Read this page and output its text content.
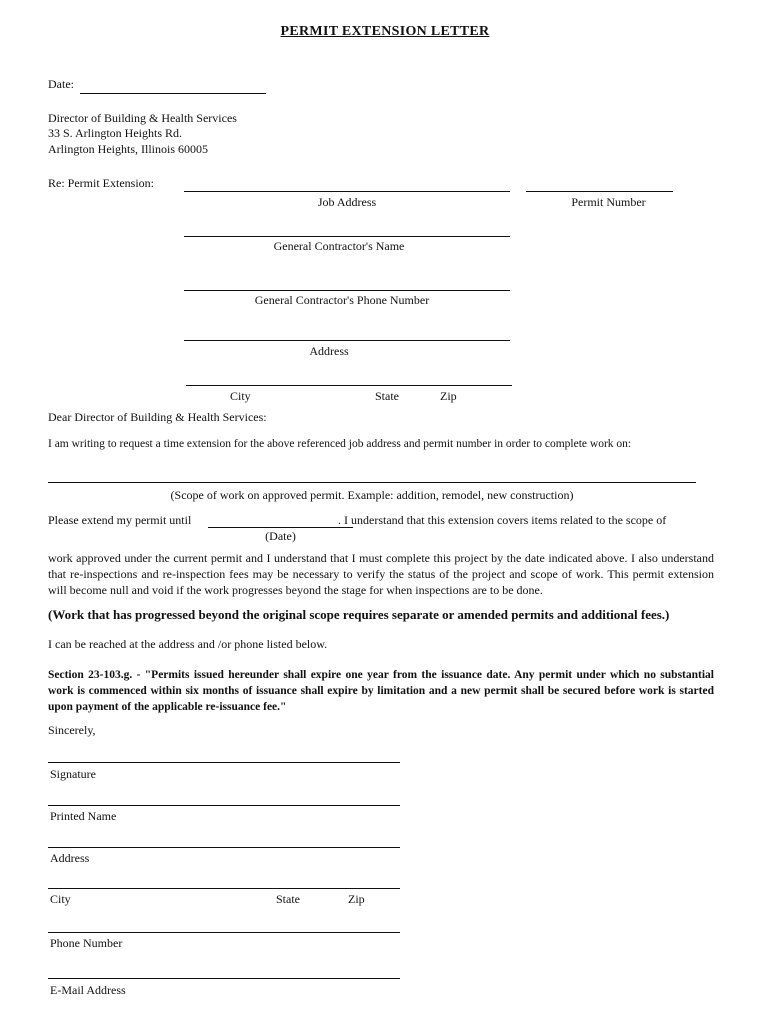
PERMIT EXTENSION LETTER
Date:
Director of Building & Health Services
33 S. Arlington Heights Rd.
Arlington Heights, Illinois 60005
Re: Permit Extension:
Job Address	Permit Number
General Contractor's Name
General Contractor's Phone Number
Address
City	State	Zip
Dear Director of Building & Health Services:
I am writing to request a time extension for the above referenced job address and permit number in order to complete work on:
(Scope of work on approved permit. Example: addition, remodel, new construction)
Please extend my permit until	. I understand that this extension covers items related to the scope of
(Date)
work approved under the current permit and I understand that I must complete this project by the date indicated above. I also understand that re-inspections and re-inspection fees may be necessary to verify the status of the project and scope of work. This permit extension will become null and void if the work progresses beyond the stage for when inspections are to be done.
(Work that has progressed beyond the original scope requires separate or amended permits and additional fees.)
I can be reached at the address and /or phone listed below.
Section 23-103.g. - "Permits issued hereunder shall expire one year from the issuance date. Any permit under which no substantial work is commenced within six months of issuance shall expire by limitation and a new permit shall be secured before work is started upon payment of the applicable re-issuance fee."
Sincerely,
Signature
Printed Name
Address
City	State	Zip
Phone Number
E-Mail Address
